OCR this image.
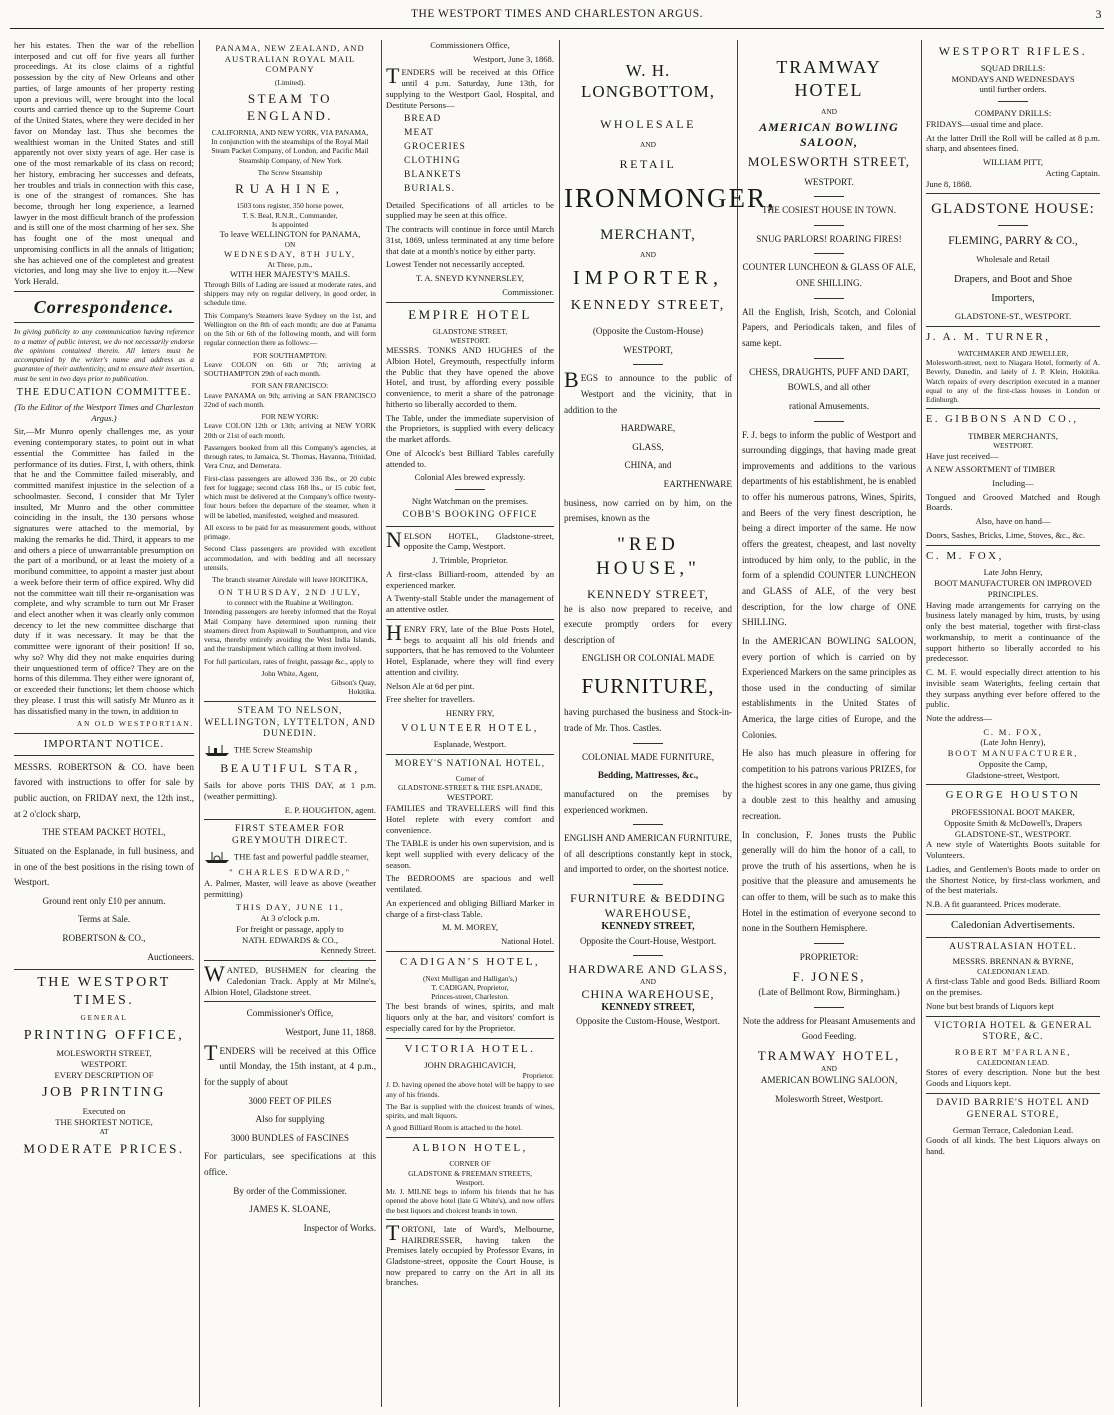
THE WESTPORT TIMES AND CHARLESTON ARGUS.	3

her his estates. Then the war of the rebellion interposed and cut off for five years all further proceedings. At its close claims of a rightful possession by the city of New Orleans and other parties, of large amounts of her property resting upon a previous will, were brought into the local courts and carried thence up to the Supreme Court of the United States, where they were decided in her favor on Monday last. Thus she becomes the wealthiest woman in the United States and still apparently not over sixty years of age. Her case is one of the most remarkable of its class on record; her history, embracing her successes and defeats, her troubles and trials in connection with this case, is one of the strangest of romances. She has become, through her long experience, a learned lawyer in the most difficult branch of the profession and is still one of the most charming of her sex. She has fought one of the most unequal and unpromising conflicts in all the annals of litigation; she has achieved one of the completest and greatest victories, and long may she live to enjoy it.—New York Herald.

Correspondence.

In giving publicity to any communication having reference to a matter of public interest, we do not necessarily endorse the opinions contained therein. All letters must be accompanied by the writer's name and address as a guarantee of their authenticity, and to ensure their insertion, must be sent in two days prior to publication.

THE EDUCATION COMMITTEE.

(To the Editor of the Westport Times and Charleston Argus.)

Sir,—Mr Munro openly challenges me, as your evening contemporary states, to point out in what essential the Committee has failed in the performance of its duties. First, I, with others, think that he and the Committee failed miserably, and committed manifest injustice in the selection of a schoolmaster. Second, I consider that Mr Tyler insulted, Mr Munro and the other committee coinciding in the insult, the 130 persons whose signatures were attached to the memorial, by making the remarks he did. Third, it appears to me and others a piece of unwarrantable presumption on the part of a moribund, or at least the moiety of a moribund committee, to appoint a master just about a week before their term of office expired. Why did not the committee wait till their re-organisation was complete, and why scramble to turn out Mr Fraser and elect another when it was clearly only common decency to let the new committee discharge that duty if it was necessary. It may be that the committee were ignorant of their position! If so, why so? Why did they not make enquiries during their unquestioned term of office? They are on the horns of this dilemma. They either were ignorant of, or exceeded their functions; let them choose which they please. I trust this will satisfy Mr Munro as it has dissatisfied many in the town, in addition to

AN OLD WESTPORTIAN.

IMPORTANT NOTICE.

MESSRS. ROBERTSON & CO. have been favored with instructions to offer for sale by public auction, on FRIDAY next, the 12th inst., at 2 o'clock sharp,

THE STEAM PACKET HOTEL,

Situated on the Esplanade, in full business, and in one of the best positions in the rising town of Westport.

Ground rent only £10 per annum.

Terms at Sale.

ROBERTSON & CO.,

Auctioneers.

THE WESTPORT TIMES.
GENERAL
PRINTING OFFICE,
MOLESWORTH STREET,
WESTPORT.
EVERY DESCRIPTION OF
JOB PRINTING
Executed on
THE SHORTEST NOTICE,
AT
MODERATE PRICES.
PANAMA, NEW ZEALAND, AND AUSTRALIAN ROYAL MAIL COMPANY
(Limited).
STEAM TO ENGLAND.
CALIFORNIA, AND NEW YORK, VIA PANAMA,

In conjunction with the steamships of the Royal Mail Steam Packet Company, of London, and Pacific Mail Steamship Company, of New York

The Screw Steamship
RUAHINE,
1503 tons register, 350 horse power,
T. S. Beal, R.N.R., Commander,
Is appointed
To leave WELLINGTON for PANAMA,
ON
WEDNESDAY, 8TH JULY,
At Three, p.m.,
WITH HER MAJESTY'S MAILS.

Through Bills of Lading are issued at moderate rates, and shippers may rely on regular delivery, in good order, in schedule time.

This Company's Steamers leave Sydney on the 1st, and Wellington on the 8th of each month; are due at Panama on the 5th or 6th of the following month, and will form regular connection there as follows:—

FOR SOUTHAMPTON:

Leave COLON on 6th or 7th; arriving at SOUTHAMPTON 29th of each month.

FOR SAN FRANCISCO:

Leave PANAMA on 9th; arriving at SAN FRANCISCO 22nd of each month.

FOR NEW YORK:

Leave COLON 12th or 13th; arriving at NEW YORK 20th or 21st of each month.

Passengers booked from all this Company's agencies, at through rates, to Jamaica, St. Thomas, Havanna, Trinidad, Vera Cruz, and Demerara.

First-class passengers are allowed 336 lbs., or 20 cubic feet for luggage; second class 168 lbs., or 15 cubic feet, which must be delivered at the Company's office twenty-four hours before the departure of the steamer, when it will be labelled, manifested, weighed and measured.

All excess to be paid for as measurement goods, without primage.

Second Class passengers are provided with excellent accommodation, and with bedding and all necessary utensils.

The branch steamer Airedale will leave HOKITIKA,

ON THURSDAY, 2ND JULY,
to connect with the Ruahine at Wellington.

Intending passengers are hereby informed that the Royal Mail Company have determined upon running their steamers direct from Aspinwall to Southampton, and vice versa, thereby entirely avoiding the West India Islands, and the transhipment which calling at them involved.

For full particulars, rates of freight, passage &c., apply to

John White, Agent,
Gibson's Quay,
Hokitika.
STEAM TO NELSON, WELLINGTON, LYTTELTON, AND DUNEDIN.

THE Screw Steamship

BEAUTIFUL STAR,

Sails for above ports THIS DAY, at 1 p.m. (weather permitting).

E. P. HOUGHTON, agent.

FIRST STEAMER FOR GREYMOUTH DIRECT.

THE fast and powerful paddle steamer,

" CHARLES EDWARD,"

A. Palmer, Master, will leave as above (weather permitting)

THIS DAY, JUNE 11,
At 3 o'clock p.m.
For freight or passage, apply to
NATH. EDWARDS & CO.,
Kennedy Street.

WANTED, BUSHMEN for clearing the Caledonian Track. Apply at Mr Milne's, Albion Hotel, Gladstone street.

Commissioner's Office,

Westport, June 11, 1868.

TENDERS will be received at this Office until Monday, the 15th instant, at 4 p.m., for the supply of about

3000 FEET OF PILES

Also for supplying

3000 BUNDLES of FASCINES

For particulars, see specifications at this office.

By order of the Commissioner.

JAMES K. SLOANE,

Inspector of Works.

Commissioners Office,

Westport, June 3, 1868.

TENDERS will be received at this Office until 4 p.m. Saturday, June 13th, for supplying to the Westport Gaol, Hospital, and Destitute Persons—

BREAD
MEAT
GROCERIES
CLOTHING
BLANKETS
BURIALS.

Detailed Specifications of all articles to be supplied may be seen at this office.

The contracts will continue in force until March 31st, 1869, unless terminated at any time before that date at a month's notice by either party.

Lowest Tender not necessarily accepted.

T. A. SNEYD KYNNERSLEY,

Commissioner.

EMPIRE HOTEL
GLADSTONE STREET,
WESTPORT.

MESSRS. TONKS AND HUGHES of the Albion Hotel, Greymouth, respectfully inform the Public that they have opened the above Hotel, and trust, by affording every possible convenience, to merit a share of the patronage hitherto so liberally accorded to them.

The Table, under the immediate supervision of the Proprietors, is supplied with every delicacy the market affords.

One of Alcock's best Billiard Tables carefully attended to.

Colonial Ales brewed expressly.

Night Watchman on the premises.

COBB'S BOOKING OFFICE

NELSON HOTEL, Gladstone-street, opposite the Camp, Westport.

J. Trimble, Proprietor.

A first-class Billiard-room, attended by an experienced marker.

A Twenty-stall Stable under the management of an attentive ostler.

HENRY FRY, late of the Blue Posts Hotel, begs to acquaint all his old friends and supporters, that he has removed to the Volunteer Hotel, Esplanade, where they will find every attention and civility.

Nelson Ale at 6d per pint.

Free shelter for travellers.

HENRY FRY,

VOLUNTEER HOTEL,

Esplanade, Westport.

MOREY'S NATIONAL HOTEL,
Corner of
GLADSTONE-STREET & THE ESPLANADE,
WESTPORT.

FAMILIES and TRAVELLERS will find this Hotel replete with every comfort and convenience.

The TABLE is under his own supervision, and is kept well supplied with every delicacy of the season.

The BEDROOMS are spacious and well ventilated.

An experienced and obliging Billiard Marker in charge of a first-class Table.

M. M. MOREY,

National Hotel.

CADIGAN'S HOTEL,
(Next Mulligan and Halligan's,)
T. CADIGAN, Proprietor,
Princes-street, Charleston.

The best brands of wines, spirits, and malt liquors only at the bar, and visitors' comfort is especially cared for by the Proprietor.

VICTORIA HOTEL.
JOHN DRAGHICAVICH,
Proprietor.

J. D. having opened the above hotel will be happy to see any of his friends.

The Bar is supplied with the choicest brands of wines, spirits, and malt liquors.

A good Billiard Room is attached to the hotel.

ALBION HOTEL,
CORNER OF
GLADSTONE & FREEMAN STREETS,
Westport.

Mr. J. MILNE begs to inform his friends that he has opened the above hotel (late G White's), and now offers the best liquors and choicest brands in town.

TORTONI, late of Ward's, Melbourne, HAIRDRESSER, having taken the Premises lately occupied by Professor Evans, in Gladstone-street, opposite the Court House, is now prepared to carry on the Art in all its branches.

W. H. LONGBOTTOM,
WHOLESALE
AND
RETAIL
IRONMONGER,
MERCHANT,
AND
IMPORTER,
KENNEDY STREET,

(Opposite the Custom-House)

WESTPORT,

BEGS to announce to the public of Westport and the vicinity, that in addition to the

HARDWARE,

GLASS,

CHINA, and

EARTHENWARE

business, now carried on by him, on the premises, known as the

"RED HOUSE,"
KENNEDY STREET,

he is also now prepared to receive, and execute promptly orders for every description of

ENGLISH OR COLONIAL MADE

FURNITURE,

having purchased the business and Stock-in-trade of Mr. Thos. Castles.

COLONIAL MADE FURNITURE,

Bedding, Mattresses, &c.,

manufactured on the premises by experienced workmen.

ENGLISH AND AMERICAN FURNITURE, of all descriptions constantly kept in stock, and imported to order, on the shortest notice.

FURNITURE & BEDDING
WAREHOUSE,
KENNEDY STREET,

Opposite the Court-House, Westport.

HARDWARE AND GLASS,
AND
CHINA WAREHOUSE,
KENNEDY STREET,

Opposite the Custom-House, Westport.

TRAMWAY HOTEL
AND
AMERICAN BOWLING SALOON,
MOLESWORTH STREET,

WESTPORT.

THE COSIEST HOUSE IN TOWN.

SNUG PARLORS! ROARING FIRES!

COUNTER LUNCHEON & GLASS OF ALE, ONE SHILLING.

All the English, Irish, Scotch, and Colonial Papers, and Periodicals taken, and files of same kept.

CHESS, DRAUGHTS, PUFF AND DART, BOWLS, and all other

rational Amusements.

F. J. begs to inform the public of Westport and surrounding diggings, that having made great improvements and additions to the various departments of his establishment, he is enabled to offer his numerous patrons, Wines, Spirits, and Beers of the very finest description, he being a direct importer of the same. He now offers the greatest, cheapest, and last novelty introduced by him only, to the public, in the form of a splendid COUNTER LUNCHEON and GLASS of ALE, of the very best description, for the low charge of ONE SHILLING.

In the AMERICAN BOWLING SALOON, every portion of which is carried on by Experienced Markers on the same principles as those used in the conducting of similar establishments in the United States of America, the large cities of Europe, and the Colonies.

He also has much pleasure in offering for competition to his patrons various PRIZES, for the highest scores in any one game, thus giving a double zest to this healthy and amusing recreation.

In conclusion, F. Jones trusts the Public generally will do him the honor of a call, to prove the truth of his assertions, when he is positive that the pleasure and amusements he can offer to them, will be such as to make this Hotel in the estimation of everyone second to none in the Southern Hemisphere.

PROPRIETOR:

F. JONES,

(Late of Bellmont Row, Birmingham.)

Note the address for Pleasant Amusements and Good Feeding.

TRAMWAY HOTEL,
AND

AMERICAN BOWLING SALOON,

Molesworth Street, Westport.

WESTPORT RIFLES.
SQUAD DRILLS:
MONDAYS AND WEDNESDAYS
until further orders.
COMPANY DRILLS:

FRIDAYS—usual time and place.

At the latter Drill the Roll will be called at 8 p.m. sharp, and absentees fined.

WILLIAM PITT,
Acting Captain.
June 8, 1868.
GLADSTONE HOUSE:
FLEMING, PARRY & CO.,
Wholesale and Retail
Drapers, and Boot and Shoe
Importers,
GLADSTONE-ST., WESTPORT.
J. A. M. TURNER,
WATCHMAKER AND JEWELLER,

Molesworth-street, next to Niagara Hotel, formerly of A. Beverly, Dunedin, and lately of J. P. Klein, Hokitika. Watch repairs of every description executed in a manner equal to any of the first-class houses in London or Edinburgh.

E. GIBBONS AND CO.,
TIMBER MERCHANTS,
WESTPORT.

Have just received—

A NEW ASSORTMENT of TIMBER

Including—

Tongued and Grooved Matched and Rough Boards.

Also, have on hand—

Doors, Sashes, Bricks, Lime, Stoves, &c., &c.

C. M. FOX,
Late John Henry,
BOOT MANUFACTURER ON IMPROVED PRINCIPLES.

Having made arrangements for carrying on the business lately managed by him, trusts, by using only the best material, together with first-class workmanship, to merit a continuance of the support hitherto so liberally accorded to his predecessor.

C. M. F. would especially direct attention to his invisible seam Waterights, feeling certain that they surpass anything ever before offered to the public.

Note the address—

C. M. FOX,
(Late John Henry),
BOOT MANUFACTURER,
Opposite the Camp,
Gladstone-street, Westport.
GEORGE HOUSTON
PROFESSIONAL BOOT MAKER,
Opposite Smith & McDowell's, Drapers
GLADSTONE-ST., WESTPORT.

A new style of Watertights Boots suitable for Volunteers.

Ladies, and Gentlemen's Boots made to order on the Shortest Notice, by first-class workmen, and of the best materials.

N.B. A fit guaranteed. Prices moderate.

Caledonian Advertisements.
AUSTRALASIAN HOTEL.
MESSRS. BRENNAN & BYRNE,
CALEDONIAN LEAD.

A first-class Table and good Beds. Billiard Room on the premises.

None but best brands of Liquors kept

VICTORIA HOTEL & GENERAL STORE, &C.
ROBERT M'FARLANE,
CALEDONIAN LEAD.

Stores of every description. None but the best Goods and Liquors kept.

DAVID BARRIE'S HOTEL AND GENERAL STORE,
German Terrace, Caledonian Lead.

Goods of all kinds. The best Liquors always on hand.
